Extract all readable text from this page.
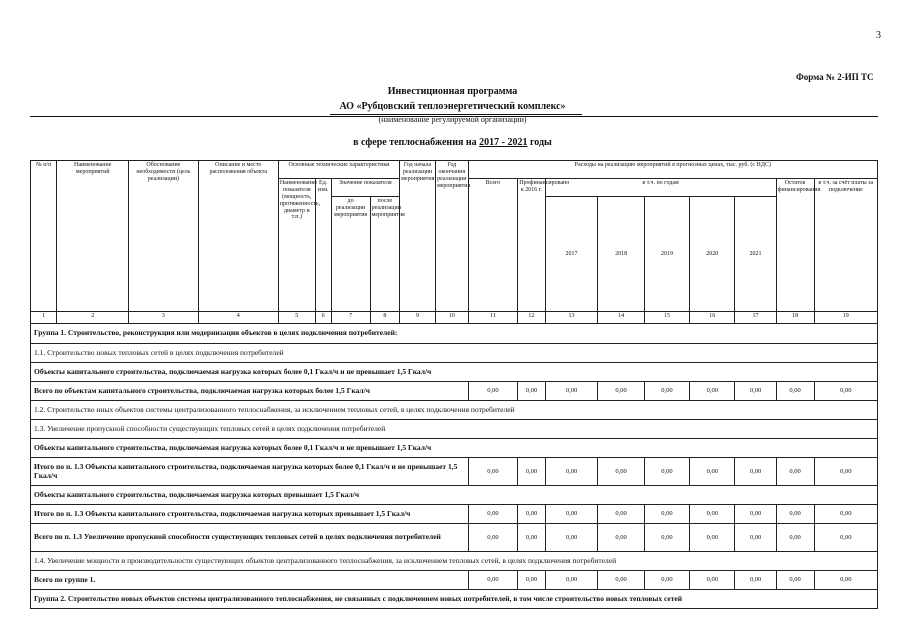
3
Форма № 2-ИП ТС
Инвестиционная программа
АО «Рубцовский теплоэнергетический комплекс»
(наименование регулируемой организации)
в сфере теплоснабжения на 2017 - 2021 годы
№ п/п	Наименование мероприятий	Обоснование необходимости (цель реализации)	Описание и место расположения объекта	Основные технические характеристики				Год начала реализации мероприятия	Год окончания реализации мероприятия	Расходы на реализацию мероприятий в прогнозных ценах, тыс. руб. (с НДС)								
				Наименование показателя (мощность, протяженность, диаметр и т.п.)	Ед. изм.	Значение показателя				Всего	Профинансировано к 2016 г.	в т.ч. по годам					Остаток финансирования	в т.ч. за счёт платы за подключение
						до реализации мероприятия	после реализации мероприятия					2017	2018	2019	2020	2021		
1	2	3	4	5	6	7	8	9	10	11	12	13	14	15	16	17	18	19
Группа 1. Строительство, реконструкция или модернизация объектов в целях подключения потребителей:																		
1.1. Строительство новых тепловых сетей в целях подключения потребителей																		
Объекты капитального строительства, подключаемая нагрузка которых более 0,1 Гкал/ч и не превышает 1,5 Гкал/ч																		
Всего по объектам капитального строительства, подключаемая нагрузка которых более 1,5 Гкал/ч										0,00	0,00	0,00	0,00	0,00	0,00	0,00	0,00	0,00
1.2. Строительство иных объектов системы централизованного теплоснабжения, за исключением тепловых сетей, в целях подключения потребителей																		
1.3. Увеличение пропускной способности существующих тепловых сетей в целях подключения потребителей																		
Объекты капитального строительства, подключаемая нагрузка которых более 0,1 Гкал/ч и не превышает 1,5 Гкал/ч																		
Итого по п. 1.3 Объекты капитального строительства, подключаемая нагрузка которых более 0,1 Гкал/ч и не превышает 1,5 Гкал/ч										0,00	0,00	0,00	0,00	0,00	0,00	0,00	0,00	0,00
Объекты капитального строительства, подключаемая нагрузка которых превышает 1,5 Гкал/ч																		
Итого по п. 1.3 Объекты капитального строительства, подключаемая нагрузка которых превышает 1,5 Гкал/ч										0,00	0,00	0,00	0,00	0,00	0,00	0,00	0,00	0,00
Всего по п. 1.3 Увеличение пропускной способности существующих тепловых сетей в целях подключения потребителей										0,00	0,00	0,00	0,00	0,00	0,00	0,00	0,00	0,00
1.4. Увеличение мощности и производительности существующих объектов централизованного теплоснабжения, за исключением тепловых сетей, в целях подключения потребителей																		
Всего по группе 1.										0,00	0,00	0,00	0,00	0,00	0,00	0,00	0,00	0,00
Группа 2. Строительство новых объектов системы централизованного теплоснабжения, не связанных с подключением новых потребителей, в том числе строительство новых тепловых сетей																		
